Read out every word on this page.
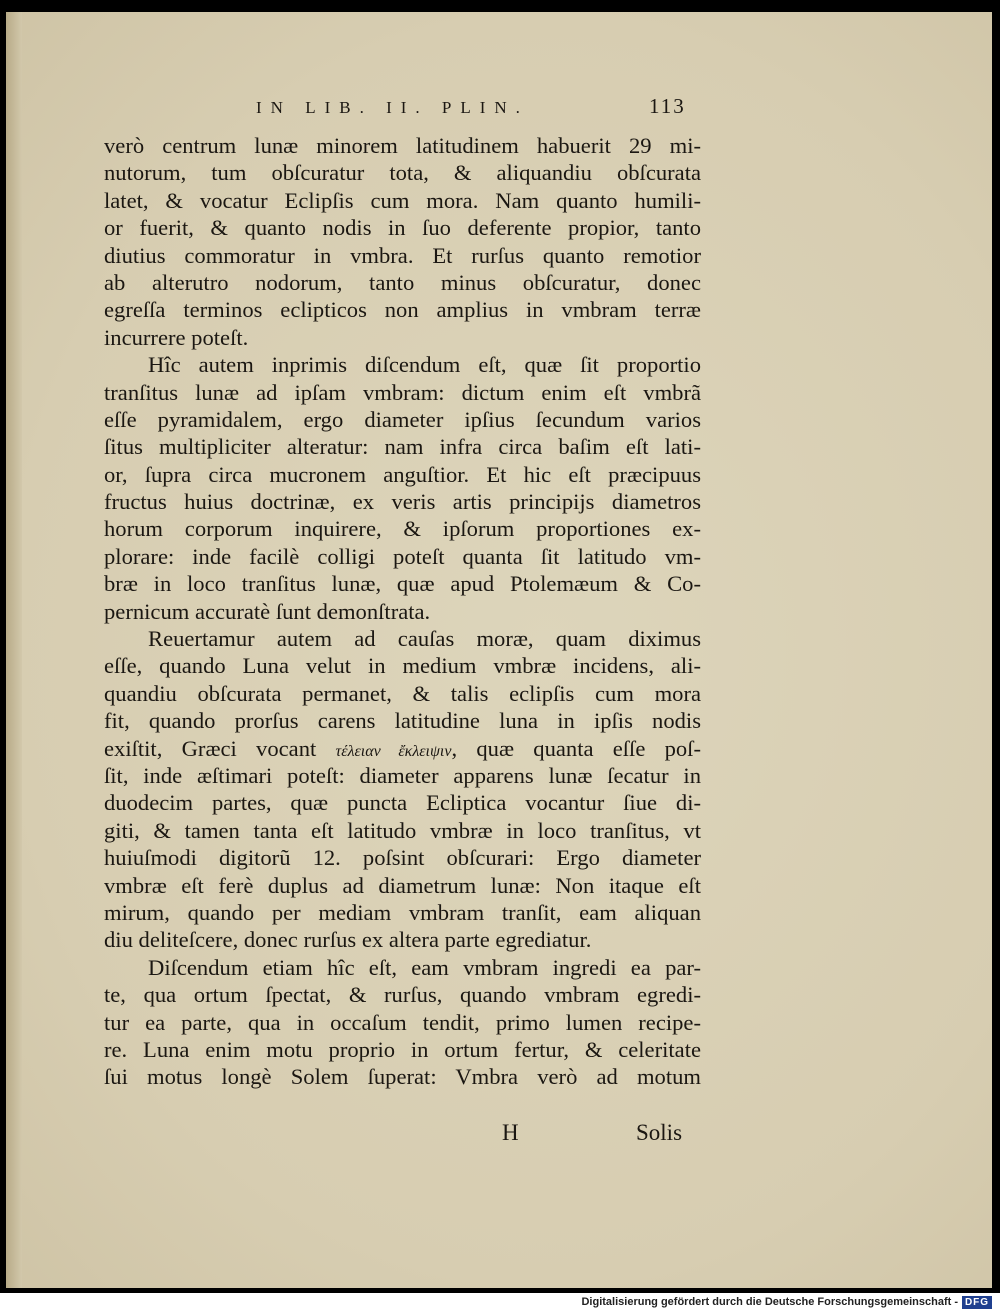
IN LIB. II. PLIN.	113
verò centrum lunæ minorem latitudinem habuerit 29 mi-
nutorum, tum obſcuratur tota, & aliquandiu obſcurata
latet, & vocatur Eclipſis cum mora. Nam quanto humili-
or fuerit, & quanto nodis in ſuo deferente propior, tanto
diutius commoratur in vmbra. Et rurſus quanto remotior
ab alterutro nodorum, tanto minus obſcuratur, donec
egreſſa terminos eclipticos non amplius in vmbram terræ
incurrere poteſt.
Hîc autem inprimis diſcendum eſt, quæ ſit proportio
tranſitus lunæ ad ipſam vmbram: dictum enim eſt vmbrã
eſſe pyramidalem, ergo diameter ipſius ſecundum varios
ſitus multipliciter alteratur: nam infra circa baſim eſt lati-
or, ſupra circa mucronem anguſtior. Et hic eſt præcipuus
fructus huius doctrinæ, ex veris artis principijs diametros
horum corporum inquirere, & ipſorum proportiones ex-
plorare: inde facilè colligi poteſt quanta ſit latitudo vm-
bræ in loco tranſitus lunæ, quæ apud Ptolemæum & Co-
pernicum accuratè ſunt demonſtrata.
Reuertamur autem ad cauſas moræ, quam diximus
eſſe, quando Luna velut in medium vmbræ incidens, ali-
quandiu obſcurata permanet, & talis eclipſis cum mora
fit, quando prorſus carens latitudine luna in ipſis nodis
exiſtit, Græci vocant τέλειαν ἔκλειψιν, quæ quanta eſſe poſ-
ſit, inde æſtimari poteſt: diameter apparens lunæ ſecatur in
duodecim partes, quæ puncta Ecliptica vocantur ſiue di-
giti, & tamen tanta eſt latitudo vmbræ in loco tranſitus, vt
huiuſmodi digitorũ 12. poſsint obſcurari: Ergo diameter
vmbræ eſt ferè duplus ad diametrum lunæ: Non itaque eſt
mirum, quando per mediam vmbram tranſit, eam aliquan
diu deliteſcere, donec rurſus ex altera parte egrediatur.
Diſcendum etiam hîc eſt, eam vmbram ingredi ea par-
te, qua ortum ſpectat, & rurſus, quando vmbram egredi-
tur ea parte, qua in occaſum tendit, primo lumen recipe-
re. Luna enim motu proprio in ortum fertur, & celeritate
ſui motus longè Solem ſuperat: Vmbra verò ad motum
H	Solis
Digitalisierung gefördert durch die Deutsche Forschungsgemeinschaft - DFG
